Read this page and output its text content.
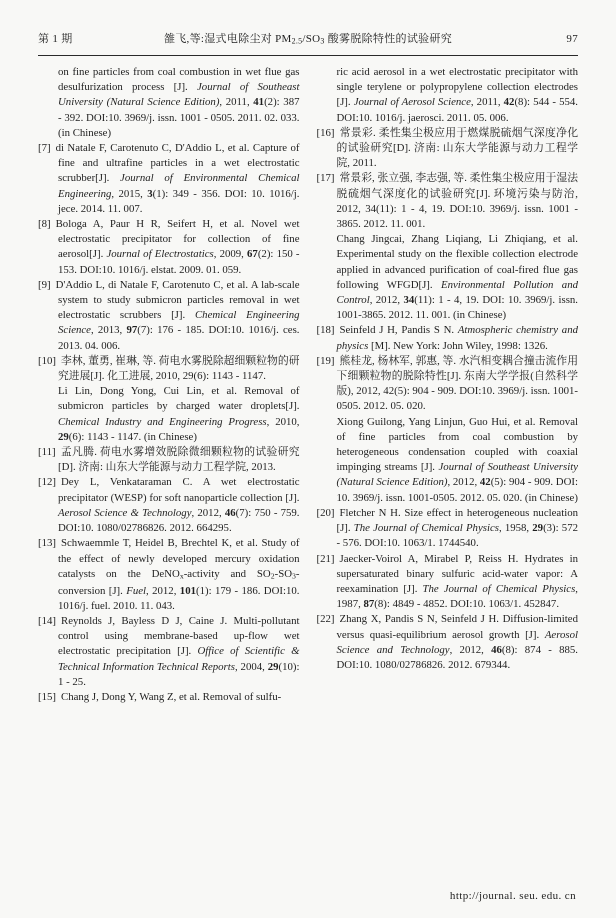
第 1 期	雒飞,等:湿式电除尘对 PM2.5/SO3 酸雾脱除特性的试验研究	97
on fine particles from coal combustion in wet flue gas desulfurization process [J]. Journal of Southeast University (Natural Science Edition), 2011, 41(2): 387 - 392. DOI:10. 3969/j. issn. 1001 - 0505. 2011. 02. 033. (in Chinese)
[7] di Natale F, Carotenuto C, D'Addio L, et al. Capture of fine and ultrafine particles in a wet electrostatic scrubber[J]. Journal of Environmental Chemical Engineering, 2015, 3(1): 349 - 356. DOI: 10. 1016/j. jece. 2014. 11. 007.
[8] Bologa A, Paur H R, Seifert H, et al. Novel wet electrostatic precipitator for collection of fine aerosol[J]. Journal of Electrostatics, 2009, 67(2): 150 - 153. DOI:10. 1016/j. elstat. 2009. 01. 059.
[9] D'Addio L, di Natale F, Carotenuto C, et al. A lab-scale system to study submicron particles removal in wet electrostatic scrubbers [J]. Chemical Engineering Science, 2013, 97(7): 176 - 185. DOI:10. 1016/j. ces. 2013. 04. 006.
[10] 李林, 董勇, 崔琳, 等. 荷电水雾脱除超细颗粒物的研究进展[J]. 化工进展, 2010, 29(6): 1143 - 1147.
Li Lin, Dong Yong, Cui Lin, et al. Removal of submicron particles by charged water droplets[J]. Chemical Industry and Engineering Progress, 2010, 29(6): 1143 - 1147. (in Chinese)
[11] 孟凡腾. 荷电水雾增效脱除微细颗粒物的试验研究[D]. 济南: 山东大学能源与动力工程学院, 2013.
[12] Dey L, Venkataraman C. A wet electrostatic precipitator (WESP) for soft nanoparticle collection [J]. Aerosol Science & Technology, 2012, 46(7): 750 - 759. DOI:10. 1080/02786826. 2012. 664295.
[13] Schwaemmle T, Heidel B, Brechtel K, et al. Study of the effect of newly developed mercury oxidation catalysts on the DeNOx-activity and SO2-SO3-conversion [J]. Fuel, 2012, 101(1): 179 - 186. DOI:10. 1016/j. fuel. 2010. 11. 043.
[14] Reynolds J, Bayless D J, Caine J. Multi-pollutant control using membrane-based up-flow wet electrostatic precipitation [J]. Office of Scientific & Technical Information Technical Reports, 2004, 29(10): 1 - 25.
[15] Chang J, Dong Y, Wang Z, et al. Removal of sulfu-
ric acid aerosol in a wet electrostatic precipitator with single terylene or polypropylene collection electrodes [J]. Journal of Aerosol Science, 2011, 42(8): 544 - 554. DOI:10. 1016/j. jaerosci. 2011. 05. 006.
[16] 常景彩. 柔性集尘极应用于燃煤脱硫烟气深度净化的试验研究[D]. 济南: 山东大学能源与动力工程学院, 2011.
[17] 常景彩, 张立强, 李志强, 等. 柔性集尘极应用于湿法脱硫烟气深度化的试验研究[J]. 环境污染与防治, 2012, 34(11): 1 - 4, 19. DOI:10. 3969/j. issn. 1001 - 3865. 2012. 11. 001.
Chang Jingcai, Zhang Liqiang, Li Zhiqiang, et al. Experimental study on the flexible collection electrode applied in advanced purification of coal-fired flue gas following WFGD[J]. Environmental Pollution and Control, 2012, 34(11): 1 - 4, 19. DOI: 10. 3969/j. issn. 1001-3865. 2012. 11. 001. (in Chinese)
[18] Seinfeld J H, Pandis S N. Atmospheric chemistry and physics [M]. New York: John Wiley, 1998: 1326.
[19] 熊桂龙, 杨林军, 郭惠, 等. 水汽相变耦合撞击流作用下细颗粒物的脱除特性[J]. 东南大学学报(自然科学版), 2012, 42(5): 904 - 909. DOI:10. 3969/j. issn. 1001-0505. 2012. 05. 020.
Xiong Guilong, Yang Linjun, Guo Hui, et al. Removal of fine particles from coal combustion by heterogeneous condensation coupled with coaxial impinging streams [J]. Journal of Southeast University (Natural Science Edition), 2012, 42(5): 904 - 909. DOI: 10. 3969/j. issn. 1001-0505. 2012. 05. 020. (in Chinese)
[20] Fletcher N H. Size effect in heterogeneous nucleation [J]. The Journal of Chemical Physics, 1958, 29(3): 572 - 576. DOI:10. 1063/1. 1744540.
[21] Jaecker-Voirol A, Mirabel P, Reiss H. Hydrates in supersaturated binary sulfuric acid-water vapor: A reexamination [J]. The Journal of Chemical Physics, 1987, 87(8): 4849 - 4852. DOI:10. 1063/1. 452847.
[22] Zhang X, Pandis S N, Seinfeld J H. Diffusion-limited versus quasi-equilibrium aerosol growth [J]. Aerosol Science and Technology, 2012, 46(8): 874 - 885. DOI:10. 1080/02786826. 2012. 679344.
http://journal. seu. edu. cn
